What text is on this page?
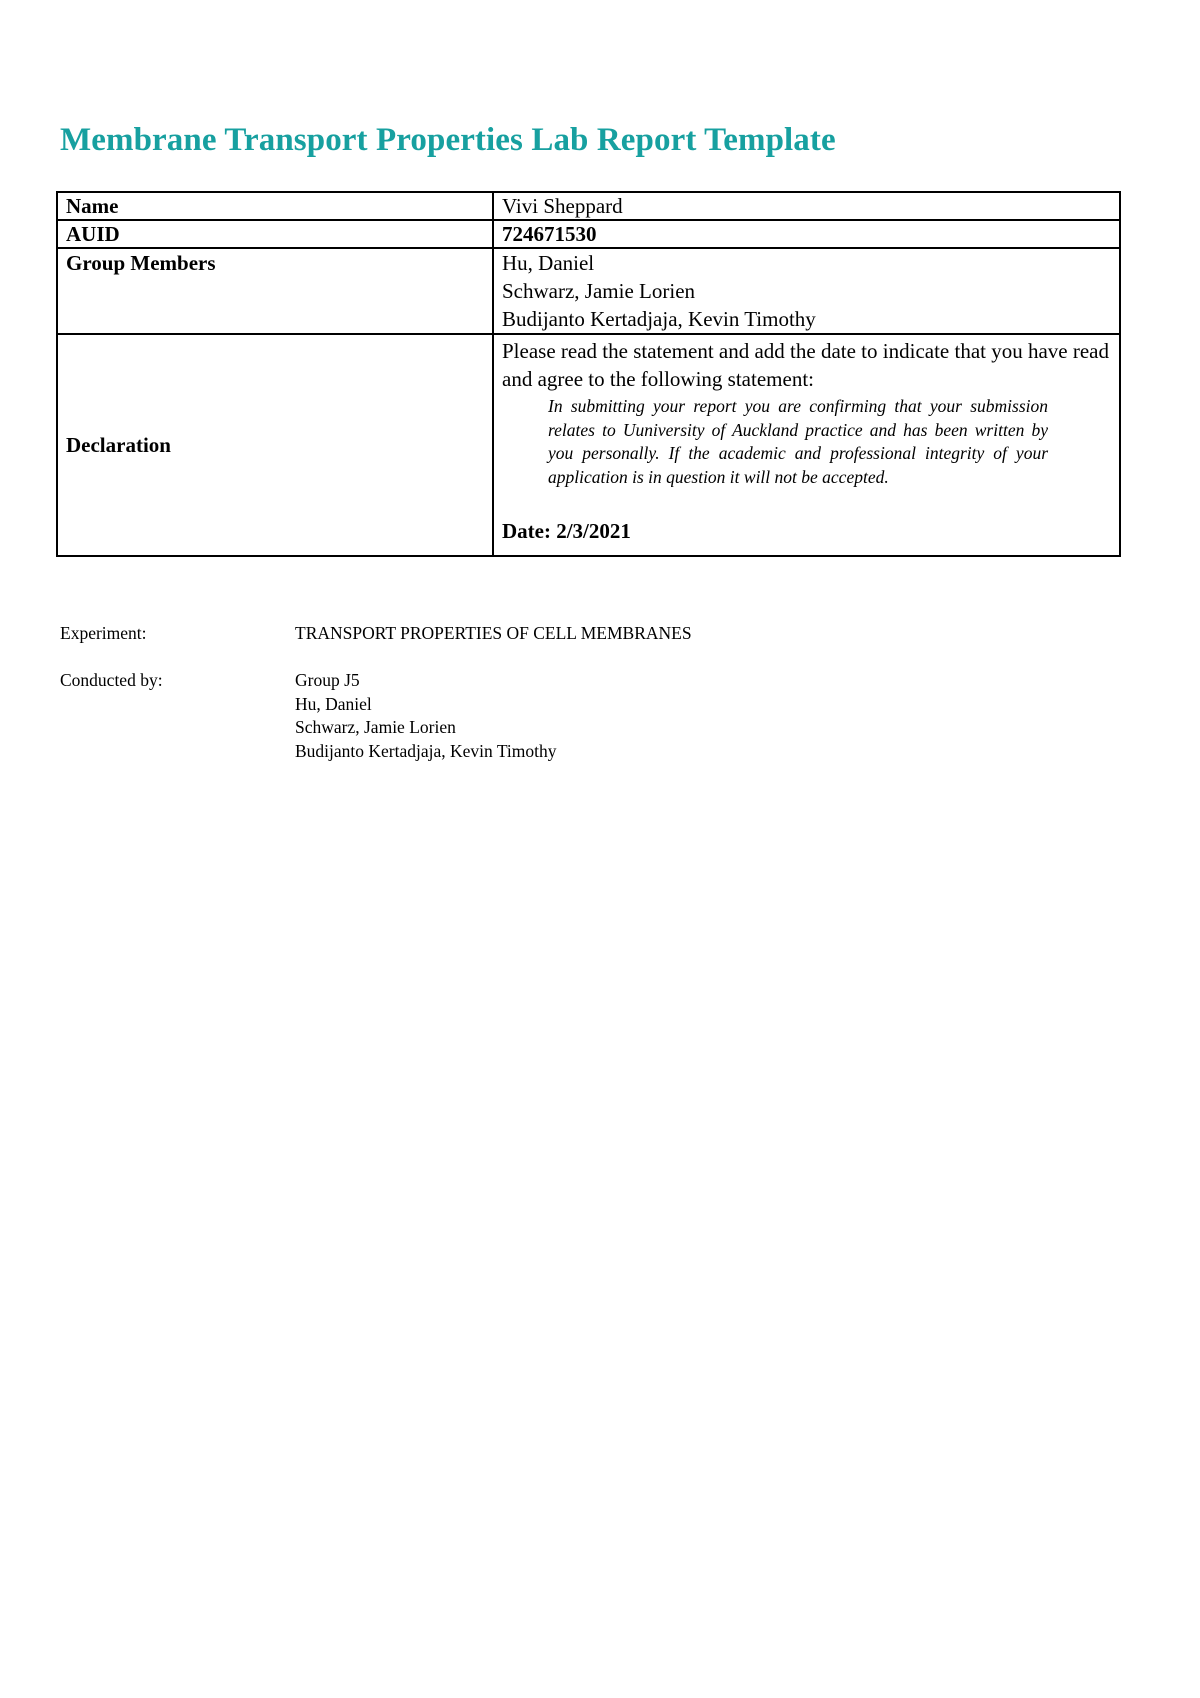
Membrane Transport Properties Lab Report Template
Name	Vivi Sheppard
AUID	724671530
Group Members	Hu, Daniel
Schwarz, Jamie Lorien
Budijanto Kertadjaja, Kevin Timothy

Declaration	Please read the statement and add the date to indicate that you have read and agree to the following statement:
In submitting your report you are confirming that your submission relates to Uuniversity of Auckland practice and has been written by you personally. If the academic and professional integrity of your application is in question it will not be accepted.
Date: 2/3/2021
Experiment:	TRANSPORT PROPERTIES OF CELL MEMBRANES
Conducted by:	Group J5
Hu, Daniel
Schwarz, Jamie Lorien
Budijanto Kertadjaja, Kevin Timothy
